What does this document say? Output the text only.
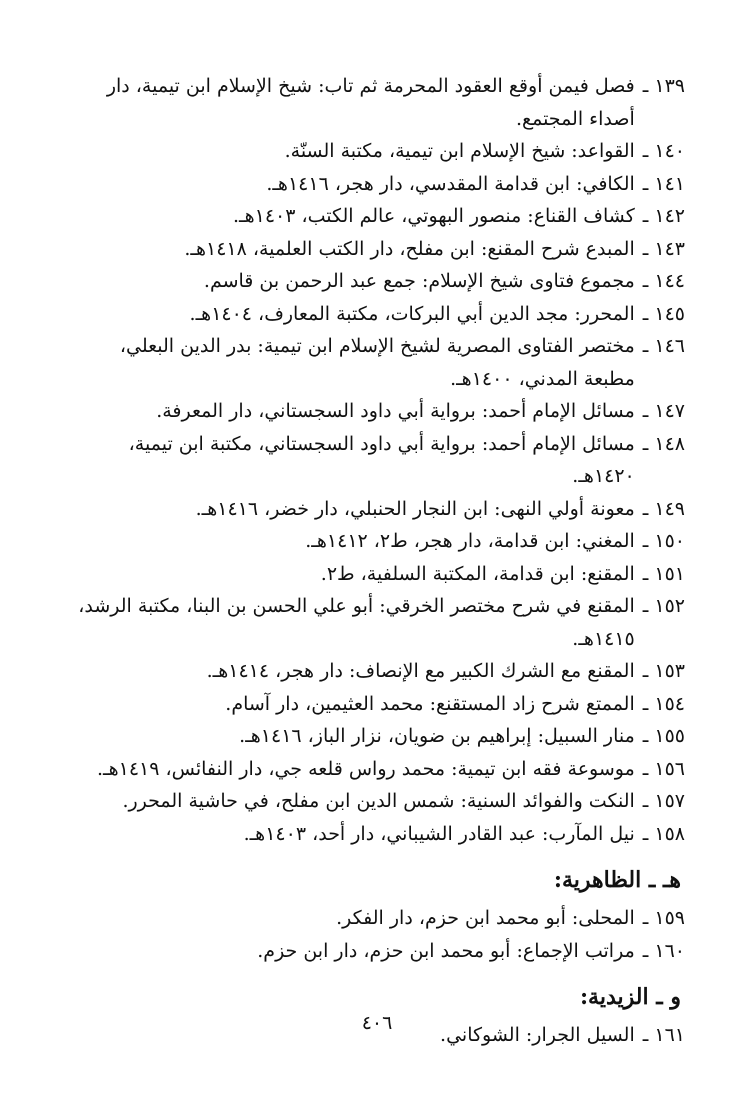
١٣٩ ـ
فصل فيمن أوقع العقود المحرمة ثم تاب: شيخ الإسلام ابن تيمية، دار أصداء المجتمع.
١٤٠ ـ
القواعد: شيخ الإسلام ابن تيمية، مكتبة السنّة.
١٤١ ـ
الكافي: ابن قدامة المقدسي، دار هجر، ١٤١٦هـ.
١٤٢ ـ
كشاف القناع: منصور البهوتي، عالم الكتب، ١٤٠٣هـ.
١٤٣ ـ
المبدع شرح المقنع: ابن مفلح، دار الكتب العلمية، ١٤١٨هـ.
١٤٤ ـ
مجموع فتاوى شيخ الإسلام: جمع عبد الرحمن بن قاسم.
١٤٥ ـ
المحرر: مجد الدين أبي البركات، مكتبة المعارف، ١٤٠٤هـ.
١٤٦ ـ
مختصر الفتاوى المصرية لشيخ الإسلام ابن تيمية: بدر الدين البعلي، مطبعة المدني، ١٤٠٠هـ.
١٤٧ ـ
مسائل الإمام أحمد: برواية أبي داود السجستاني، دار المعرفة.
١٤٨ ـ
مسائل الإمام أحمد: برواية أبي داود السجستاني، مكتبة ابن تيمية، ١٤٢٠هـ.
١٤٩ ـ
معونة أولي النهى: ابن النجار الحنبلي، دار خضر، ١٤١٦هـ.
١٥٠ ـ
المغني: ابن قدامة، دار هجر، ط٢، ١٤١٢هـ.
١٥١ ـ
المقنع: ابن قدامة، المكتبة السلفية، ط٢.
١٥٢ ـ
المقنع في شرح مختصر الخرقي: أبو علي الحسن بن البنا، مكتبة الرشد، ١٤١٥هـ.
١٥٣ ـ
المقنع مع الشرك الكبير مع الإنصاف: دار هجر، ١٤١٤هـ.
١٥٤ ـ
الممتع شرح زاد المستقنع: محمد العثيمين، دار آسام.
١٥٥ ـ
منار السبيل: إبراهيم بن ضويان، نزار الباز، ١٤١٦هـ.
١٥٦ ـ
موسوعة فقه ابن تيمية: محمد رواس قلعه جي، دار النفائس، ١٤١٩هـ.
١٥٧ ـ
النكت والفوائد السنية: شمس الدين ابن مفلح، في حاشية المحرر.
١٥٨ ـ
نيل المآرب: عبد القادر الشيباني، دار أحد، ١٤٠٣هـ.
هـ ـ الظاهرية:
١٥٩ ـ
المحلى: أبو محمد ابن حزم، دار الفكر.
١٦٠ ـ
مراتب الإجماع: أبو محمد ابن حزم، دار ابن حزم.
و ـ الزيدية:
١٦١ ـ
السيل الجرار: الشوكاني.
٤٠٦
